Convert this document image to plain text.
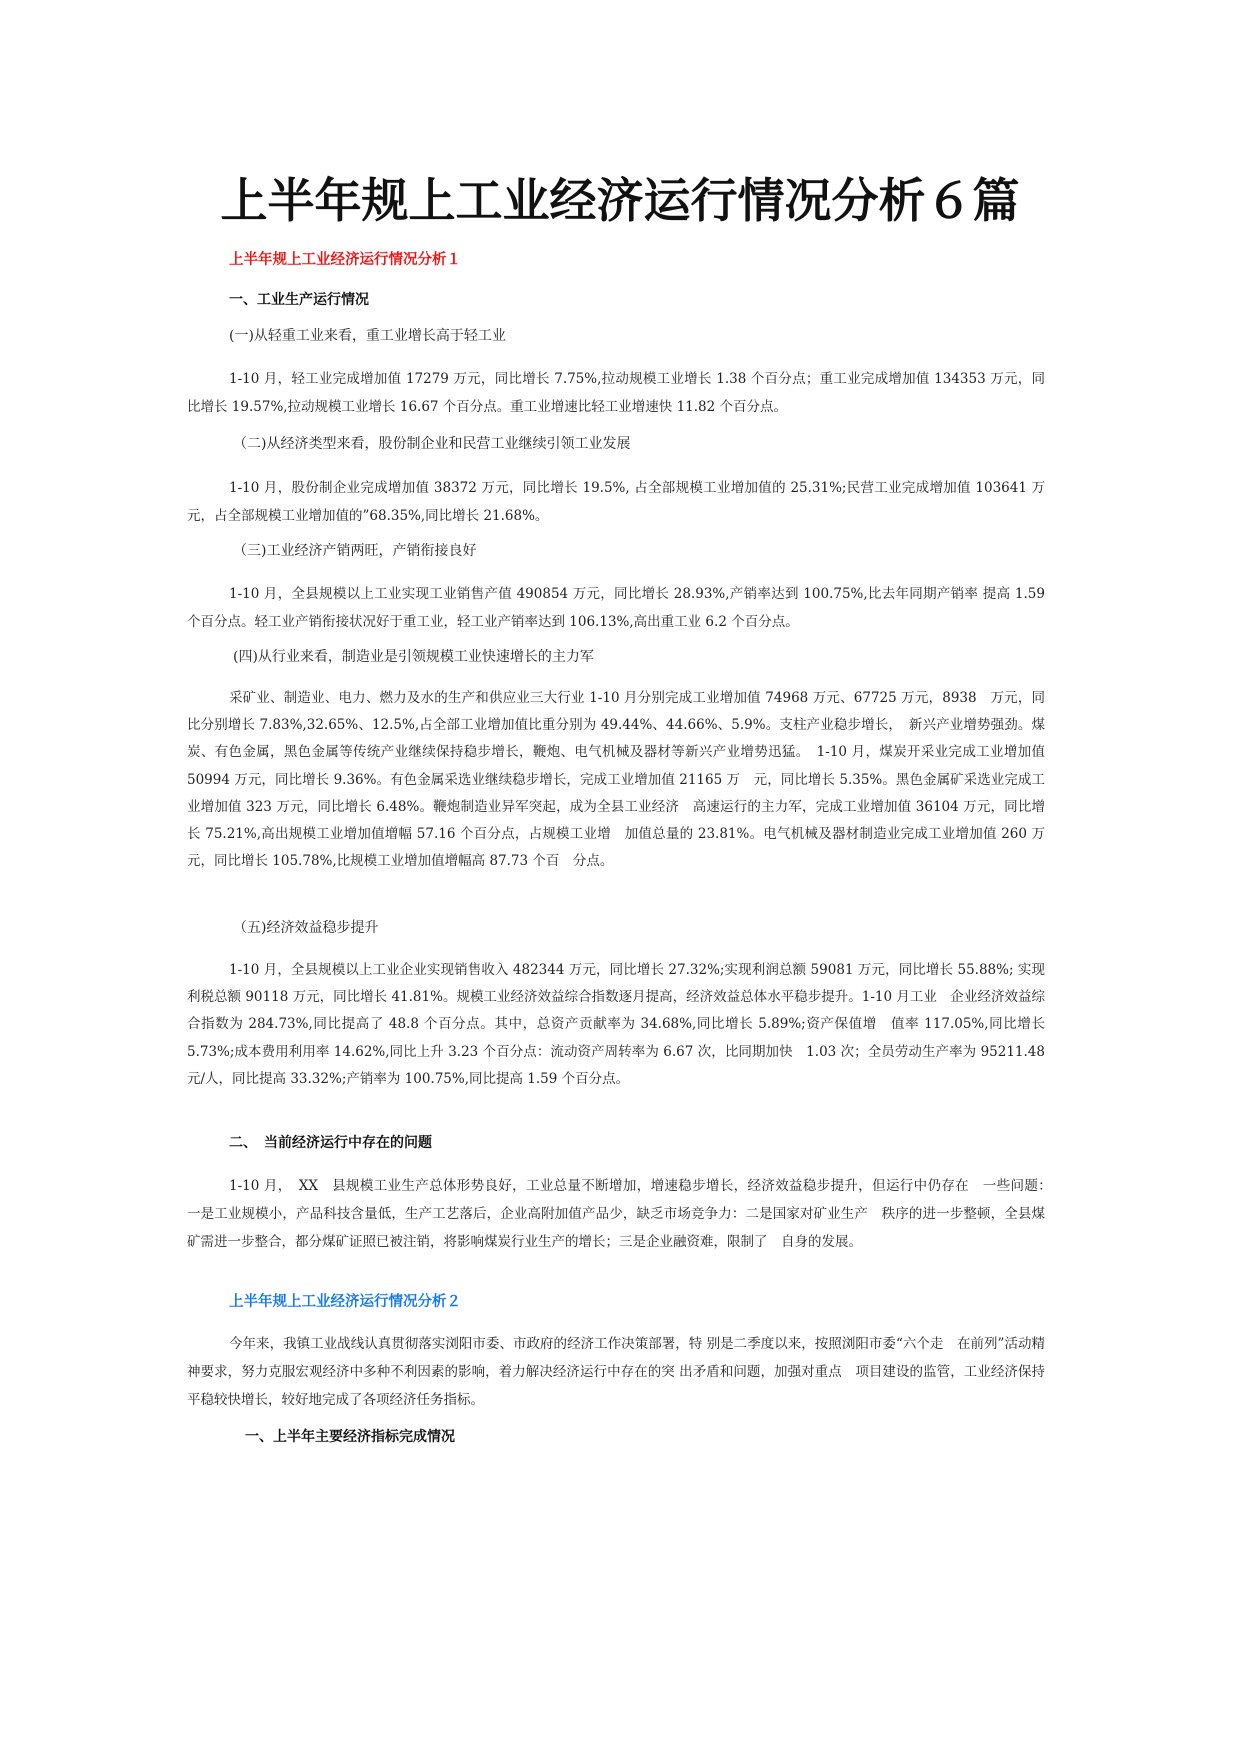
上半年规上工业经济运行情况分析６篇
上半年规上工业经济运行情况分析１
一、工业生产运行情况
(一)从轻重工业来看，重工业增长高于轻工业

1-10 月，轻工业完成增加值 17279 万元，同比增长 7.75%,拉动规模工业增长 1.38 个百分点；重工业完成增加值 134353 万元，同比增长 19.57%,拉动规模工业增长 16.67 个百分点。重工业增速比轻工业增速快 11.82 个百分点。

（二)从经济类型来看，股份制企业和民营工业继续引领工业发展

1-10 月，股份制企业完成增加值 38372 万元，同比增长 19.5%, 占全部规模工业增加值的 25.31%;民营工业完成增加值 103641 万元，占全部规模工业增加值的”68.35%,同比增长 21.68%。

（三)工业经济产销两旺，产销衔接良好

1-10 月，全县规模以上工业实现工业销售产值 490854 万元，同比增长 28.93%,产销率达到 100.75%,比去年同期产销率 提高 1.59 个百分点。轻工业产销衔接状况好于重工业，轻工业产销率达到 106.13%,高出重工业 6.2 个百分点。

(四)从行业来看，制造业是引领规模工业快速增长的主力军

采矿业、制造业、电力、燃力及水的生产和供应业三大行业 1-10 月分别完成工业增加值 74968 万元、67725 万元，8938　万元，同比分别增长 7.83%,32.65%、12.5%,占全部工业增加值比重分别为 49.44%、44.66%、5.9%。支柱产业稳步增长，　新兴产业增势强劲。煤炭、有色金属，黑色金属等传统产业继续保持稳步增长，鞭炮、电气机械及器材等新兴产业增势迅猛。　1-10 月，煤炭开采业完成工业增加值 50994 万元，同比增长 9.36%。有色金属采选业继续稳步增长，完成工业增加值 21165 万　元，同比增长 5.35%。黑色金属矿采选业完成工业增加值 323 万元，同比增长 6.48%。鞭炮制造业异军突起，成为全县工业经济　高速运行的主力军，完成工业增加值 36104 万元，同比增长 75.21%,高出规模工业增加值增幅 57.16 个百分点，占规模工业增　加值总量的 23.81%。电气机械及器材制造业完成工业增加值 260 万元，同比增长 105.78%,比规模工业增加值增幅高 87.73 个百　分点。

（五)经济效益稳步提升

1-10 月，全县规模以上工业企业实现销售收入 482344 万元，同比增长 27.32%;实现利润总额 59081 万元，同比增长 55.88%; 实现利税总额 90118 万元，同比增长 41.81%。规模工业经济效益综合指数逐月提高，经济效益总体水平稳步提升。1-10 月工业　企业经济效益综合指数为 284.73%,同比提高了 48.8 个百分点。其中，总资产贡献率为 34.68%,同比增长 5.89%;资产保值增　值率 117.05%,同比增长 5.73%;成本费用利用率 14.62%,同比上升 3.23 个百分点：流动资产周转率为 6.67 次，比同期加快　1.03 次；全员劳动生产率为 95211.48 元/人，同比提高 33.32%;产销率为 100.75%,同比提高 1.59 个百分点。

二、　当前经济运行中存在的问题

1-10 月，　XX　县规模工业生产总体形势良好，工业总量不断增加，增速稳步增长，经济效益稳步提升，但运行中仍存在　一些问题：　一是工业规模小，产品科技含量低，生产工艺落后，企业高附加值产品少，缺乏市场竞争力：二是国家对矿业生产　秩序的进一步整顿，全县煤矿需进一步整合，都分煤矿证照已被注销，将影响煤炭行业生产的增长；三是企业融资难，限制了　自身的发展。

上半年规上工业经济运行情况分析２

今年来，我镇工业战线认真贯彻落实浏阳市委、市政府的经济工作决策部署，特 别是二季度以来，按照浏阳市委“六个走　在前列”活动精神要求，努力克服宏观经济中多种不利因素的影响，着力解决经济运行中存在的突 出矛盾和问题，加强对重点　项目建设的监管，工业经济保持平稳较快增长，较好地完成了各项经济任务指标。

一、上半年主要经济指标完成情况
